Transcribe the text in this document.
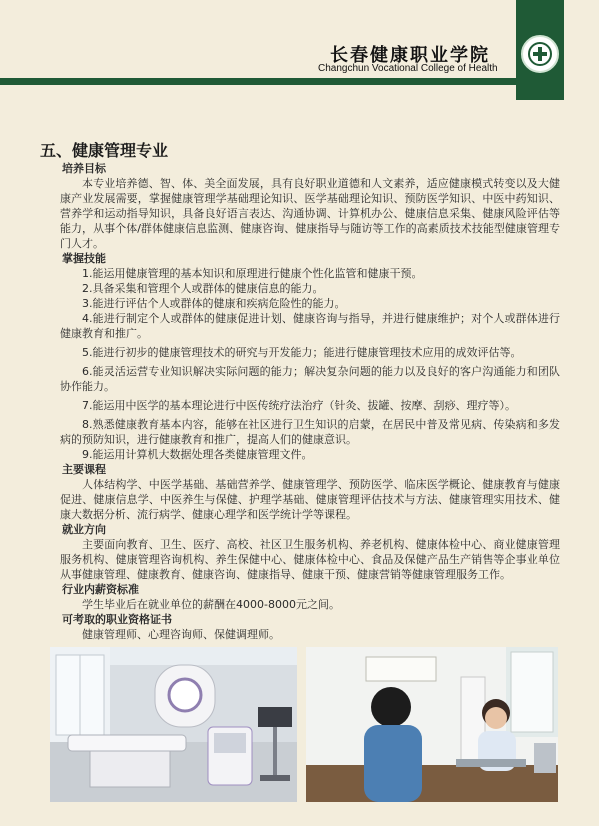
长春健康职业学院
Changchun Vocational College of Health
五、健康管理专业
培养目标
本专业培养德、智、体、美全面发展，具有良好职业道德和人文素养，适应健康模式转变以及大健康产业发展需要，掌握健康管理学基础理论知识、医学基础理论知识、预防医学知识、中医中药知识、营养学和运动指导知识，具备良好语言表达、沟通协调、计算机办公、健康信息采集、健康风险评估等能力，从事个体/群体健康信息监测、健康咨询、健康指导与随访等工作的高素质技术技能型健康管理专门人才。
掌握技能
1.能运用健康管理的基本知识和原理进行健康个性化监管和健康干预。
2.具备采集和管理个人或群体的健康信息的能力。
3.能进行评估个人或群体的健康和疾病危险性的能力。
4.能进行制定个人或群体的健康促进计划、健康咨询与指导，并进行健康维护；对个人或群体进行健康教育和推广。
5.能进行初步的健康管理技术的研究与开发能力；能进行健康管理技术应用的成效评估等。
6.能灵活运营专业知识解决实际问题的能力；解决复杂问题的能力以及良好的客户沟通能力和团队协作能力。
7.能运用中医学的基本理论进行中医传统疗法治疗（针灸、拔罐、按摩、刮痧、理疗等）。
8.熟悉健康教育基本内容，能够在社区进行卫生知识的启蒙，在居民中普及常见病、传染病和多发病的预防知识，进行健康教育和推广，提高人们的健康意识。
9.能运用计算机大数据处理各类健康管理文件。
主要课程
人体结构学、中医学基础、基础营养学、健康管理学、预防医学、临床医学概论、健康教育与健康促进、健康信息学、中医养生与保健、护理学基础、健康管理评估技术与方法、健康管理实用技术、健康大数据分析、流行病学、健康心理学和医学统计学等课程。
就业方向
主要面向教育、卫生、医疗、高校、社区卫生服务机构、养老机构、健康体检中心、商业健康管理服务机构、健康管理咨询机构、养生保健中心、健康体检中心、食品及保健产品生产销售等企事业单位从事健康管理、健康教育、健康咨询、健康指导、健康干预、健康营销等健康管理服务工作。
行业内薪资标准
学生毕业后在就业单位的薪酬在4000-8000元之间。
可考取的职业资格证书
健康管理师、心理咨询师、保健调理师。
